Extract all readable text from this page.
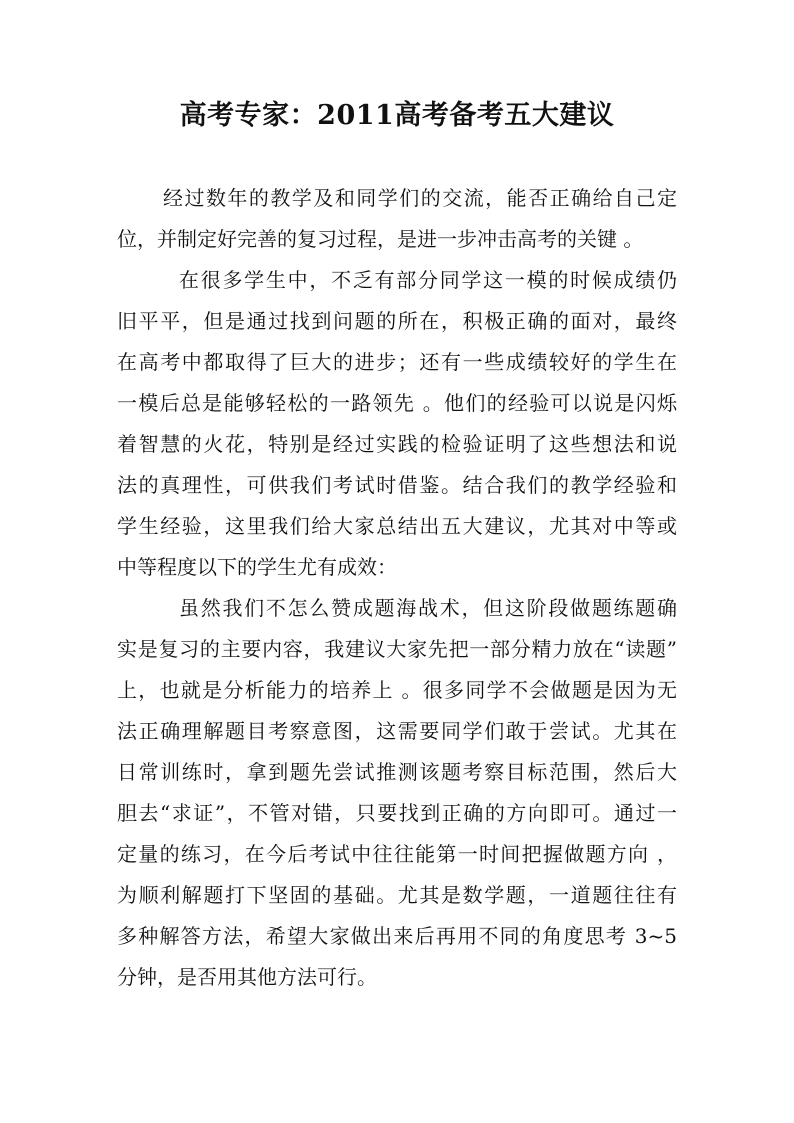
高考专家：2011高考备考五大建议
经过数年的教学及和同学们的交流，能否正确给自己定
位，并制定好完善的复习过程，是进一步冲击高考的关键 。
在很多学生中，不乏有部分同学这一模的时候成绩仍
旧平平，但是通过找到问题的所在，积极正确的面对，最终
在高考中都取得了巨大的进步；还有一些成绩较好的学生在
一模后总是能够轻松的一路领先 。他们的经验可以说是闪烁
着智慧的火花，特别是经过实践的检验证明了这些想法和说
法的真理性，可供我们考试时借鉴。结合我们的教学经验和
学生经验，这里我们给大家总结出五大建议，尤其对中等或
中等程度以下的学生尤有成效：
虽然我们不怎么赞成题海战术，但这阶段做题练题确
实是复习的主要内容，我建议大家先把一部分精力放在“读题”
上，也就是分析能力的培养上 。很多同学不会做题是因为无
法正确理解题目考察意图，这需要同学们敢于尝试。尤其在
日常训练时，拿到题先尝试推测该题考察目标范围，然后大
胆去“求证”，不管对错，只要找到正确的方向即可。通过一
定量的练习，在今后考试中往往能第一时间把握做题方向 ，
为顺利解题打下坚固的基础。尤其是数学题，一道题往往有
多种解答方法，希望大家做出来后再用不同的角度思考 3~5
分钟，是否用其他方法可行。
